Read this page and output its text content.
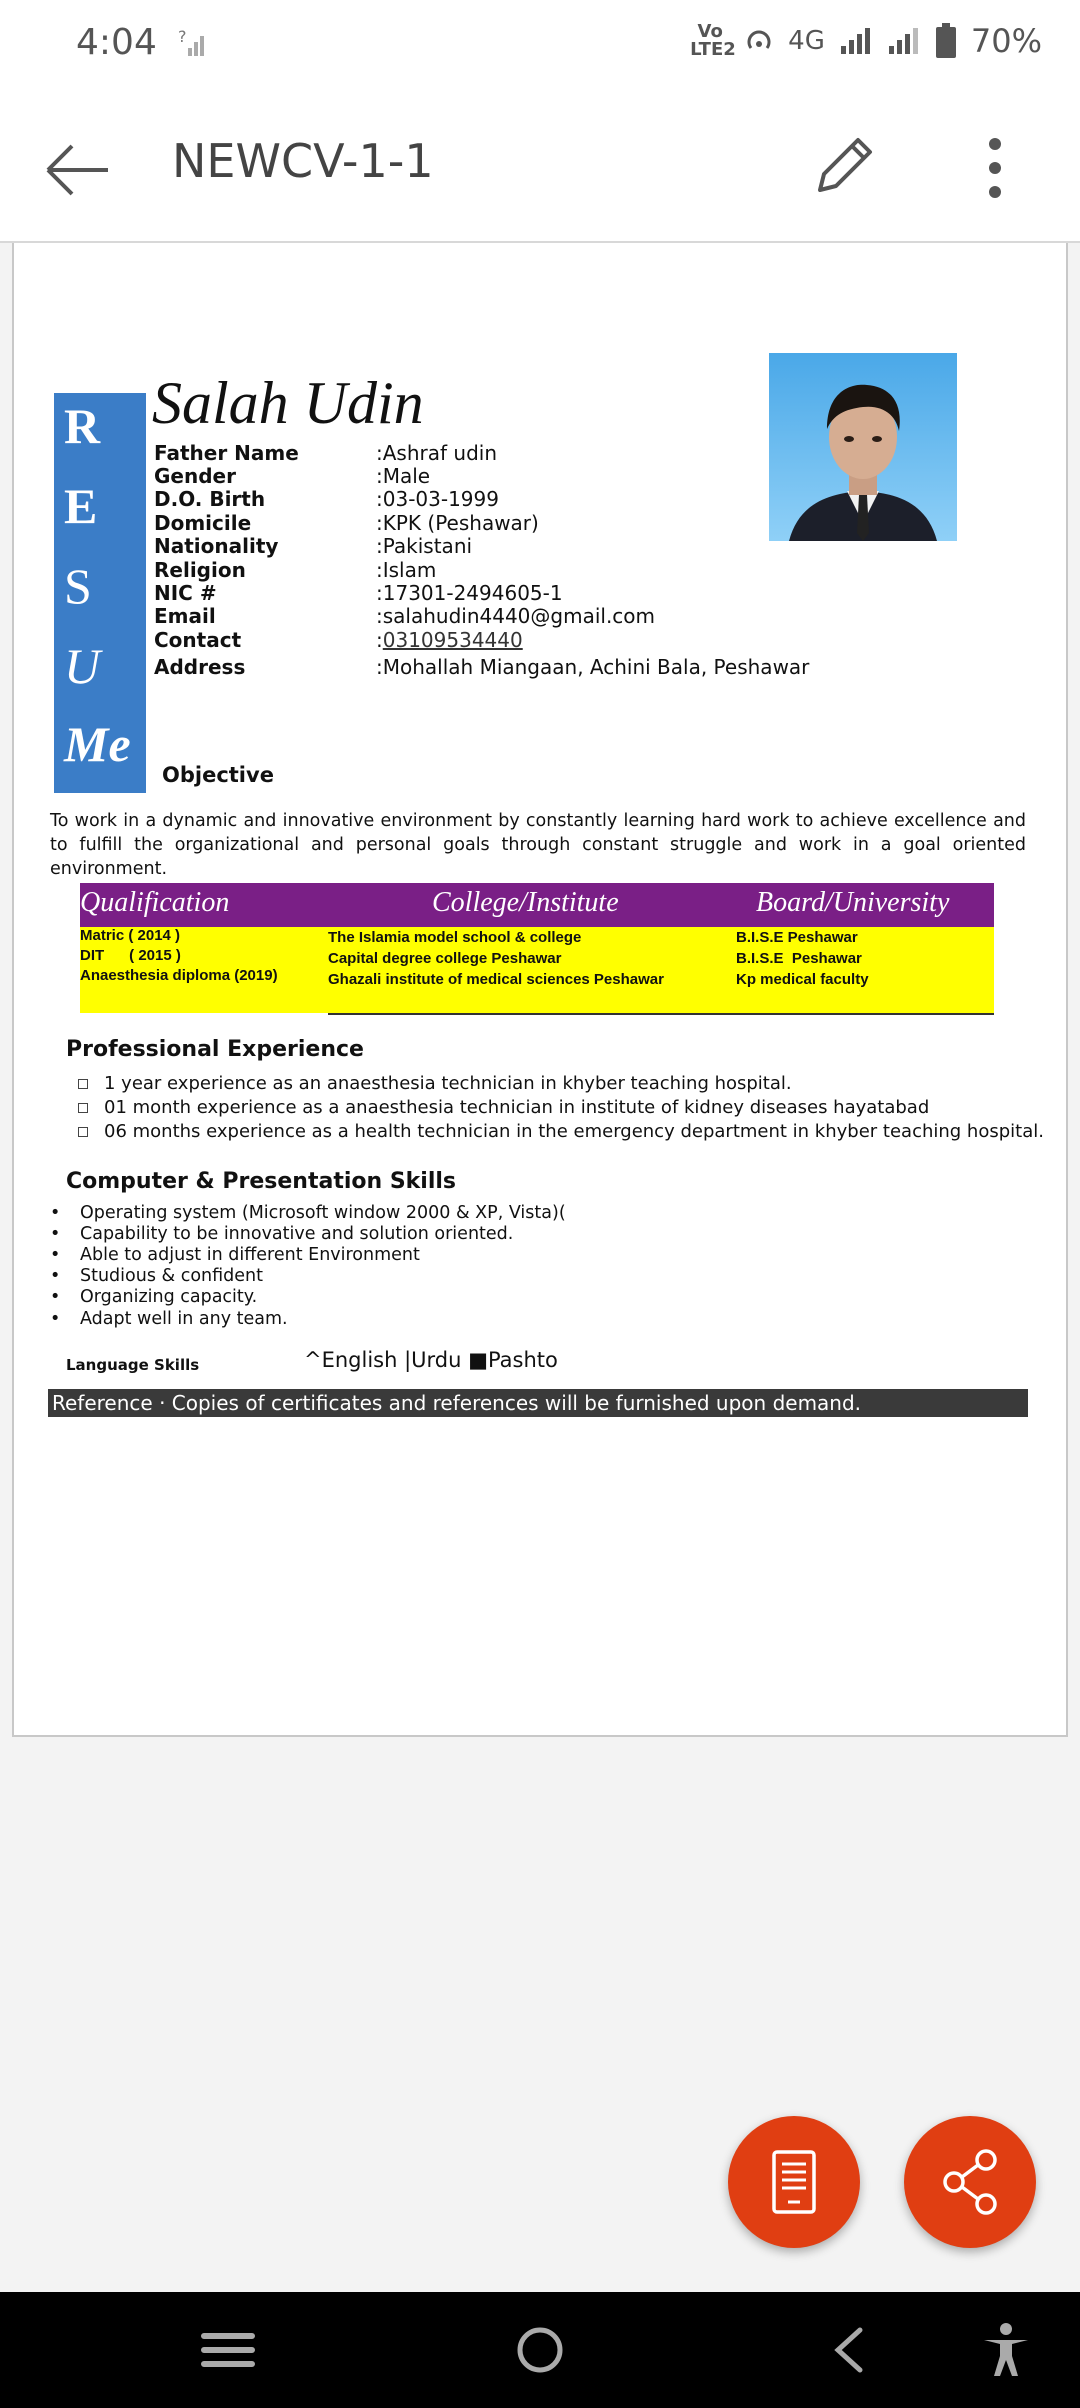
4:04 ?	Vo LTE2 4G	70%
NEWCV-1-1
R
E
S
U
Me
Salah Udin
Father Name	:Ashraf udin
Gender	:Male
D.O. Birth	:03-03-1999
Domicile	:KPK (Peshawar)
Nationality	:Pakistani
Religion	:Islam
NIC #	:17301-2494605-1
Email	:salahudin4440@gmail.com
Contact	:03109534440
Address	:Mohallah Miangaan, Achini Bala, Peshawar
Objective

To work in a dynamic and innovative environment by constantly learning hard work to achieve excellence and to fulfill the organizational and personal goals through constant struggle and work in a goal oriented environment.

Qualification	College/Institute	Board/University
Matric ( 2014 )	The Islamia model school & college	B.I.S.E Peshawar
DIT      ( 2015 )	Capital degree college Peshawar	B.I.S.E  Peshawar
Anaesthesia diploma (2019)	Ghazali institute of medical sciences Peshawar	Kp medical faculty
Professional Experience
1 year experience as an anaesthesia technician in khyber teaching hospital.
01 month experience as a anaesthesia technician in institute of kidney diseases hayatabad
06 months experience as a health technician in the emergency department in khyber teaching hospital.
Computer & Presentation Skills
• Operating system (Microsoft window 2000 & XP, Vista)(
• Capability to be innovative and solution oriented.
• Able to adjust in different Environment
• Studious & confident
• Organizing capacity.
• Adapt well in any team.
Language Skills	^English |Urdu ■Pashto
Reference · Copies of certificates and references will be furnished upon demand.
